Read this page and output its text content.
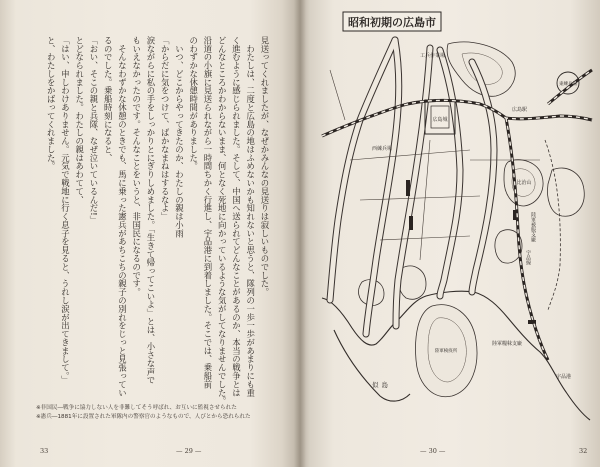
見送ってくれましたが、なぜかみんなの見送りは寂しいものでした。
　わたしは、二度と広島の地はふめないかも知れないと思うと、隊列の一歩一歩があまりにも重
く進むように感じられました。そして、中国へ送られてどんなことがあるのか、本当の戦争とは
どんなところかわからないまま、何となく死地に向かっているような気がしてなりませんでした。
沿道の小旗に見送られながら一時間ちかく行進し、宇品港に到着しました。そこでは、乗船前
のわずかな休憩時間がありました。
　いつ、どこからやってきたのか、わたしの親は小雨
「からだに気をつけて、ばかなまねはするなよ」
涙ながらに私の手をしっかりとにぎりしめました。「生きて帰ってこいよ」とは、小さな声で
もいえなかったのです。そんなことをいうと、非国民になるのです。
　そんなわずかな休憩のときでも、馬に乗った憲兵があちこちの親子の別れをじっと見張ってい
るのでした。乗船時刻になると、
「おい、そこの親と兵隊、なぜ泣いているんだ!」
とどなられました。わたしの親はあわてて、
「はい、申しわけありません。元気で戦地に行く息子を見ると、うれし涙が出てきまして。」
と、わたしをかばってくれました。
※非国民―戦争に協力しない人を非難してそう呼ばれ、お互いに監視させられた
※憲兵―1881年に設置された軍隊内の警察官のようなもので、人びとから恐れられた
昭和初期の広島市
工兵作業場
東練兵場
広島城
西練兵場
広島駅
比治山
陸軍被服支廠
宇品線
陸軍糧秣支廠
宇品港
似島
陸軍検疫所
33	— 29 —	— 30 —	32
